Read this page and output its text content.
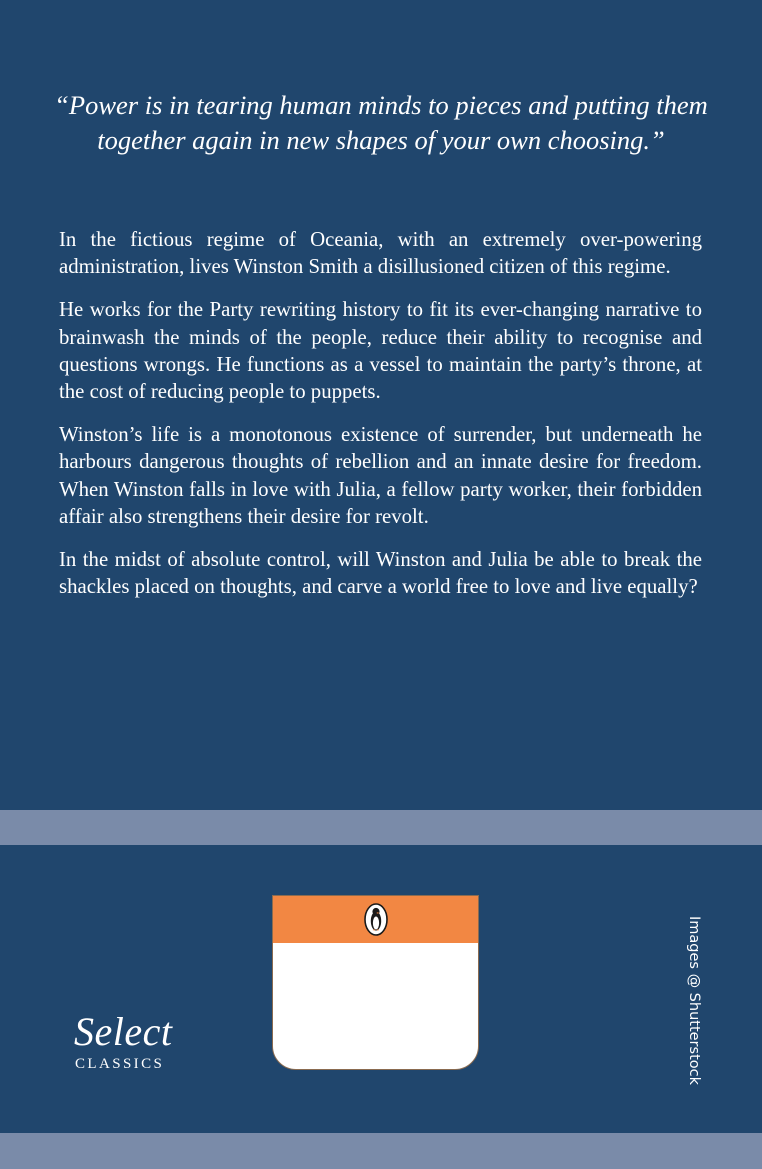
“Power is in tearing human minds to pieces and putting them together again in new shapes of your own choosing.”

In the fictious regime of Oceania, with an extremely over-powering administration, lives Winston Smith a disillusioned citizen of this regime.

He works for the Party rewriting history to fit its ever-changing narrative to brainwash the minds of the people, reduce their ability to recognise and questions wrongs. He functions as a vessel to maintain the party’s throne, at the cost of reducing people to puppets.

Winston’s life is a monotonous existence of surrender, but underneath he harbours dangerous thoughts of rebellion and an innate desire for freedom. When Winston falls in love with Julia, a fellow party worker, their forbidden affair also strengthens their desire for revolt.

In the midst of absolute control, will Winston and Julia be able to break the shackles placed on thoughts, and carve a world free to love and live equally?

Select
CLASSICS	Images @ Shutterstock
